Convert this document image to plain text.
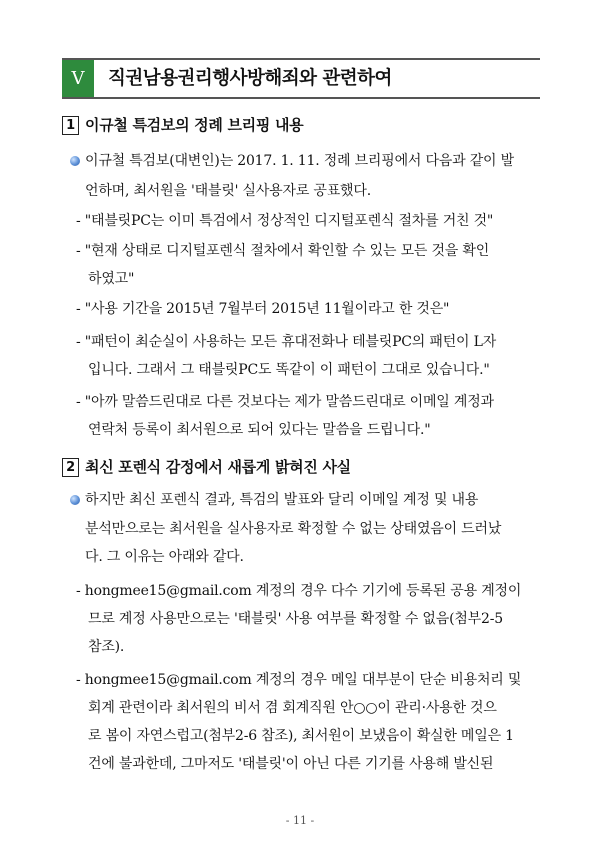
Ⅴ	직권남용권리행사방해죄와 관련하여
1 이규철 특검보의 정례 브리핑 내용
이규철 특검보(대변인)는 2017. 1. 11. 정례 브리핑에서 다음과 같이 발
언하며, 최서원을 '태블릿' 실사용자로 공표했다.
- "태블릿PC는 이미 특검에서 정상적인 디지털포렌식 절차를 거친 것"
- "현재 상태로 디지털포렌식 절차에서 확인할 수 있는 모든 것을 확인
하였고"
- "사용 기간을 2015년 7월부터 2015년 11월이라고 한 것은"
- "패턴이 최순실이 사용하는 모든 휴대전화나 테블릿PC의 패턴이 L자
입니다. 그래서 그 태블릿PC도 똑같이 이 패턴이 그대로 있습니다."
- "아까 말씀드린대로 다른 것보다는 제가 말씀드린대로 이메일 계정과
연락처 등록이 최서원으로 되어 있다는 말씀을 드립니다."
2 최신 포렌식 감정에서 새롭게 밝혀진 사실
하지만 최신 포렌식 결과, 특검의 발표와 달리 이메일 계정 및 내용
분석만으로는 최서원을 실사용자로 확정할 수 없는 상태였음이 드러났
다. 그 이유는 아래와 같다.
- hongmee15@gmail.com 계정의 경우 다수 기기에 등록된 공용 계정이
므로 계정 사용만으로는 '태블릿' 사용 여부를 확정할 수 없음(첨부2-5
참조).
- hongmee15@gmail.com 계정의 경우 메일 대부분이 단순 비용처리 및
회계 관련이라 최서원의 비서 겸 회계직원 안○○이 관리·사용한 것으
로 봄이 자연스럽고(첨부2-6 참조), 최서원이 보냈음이 확실한 메일은 1
건에 불과한데, 그마저도 '태블릿'이 아닌 다른 기기를 사용해 발신된
- 11 -
